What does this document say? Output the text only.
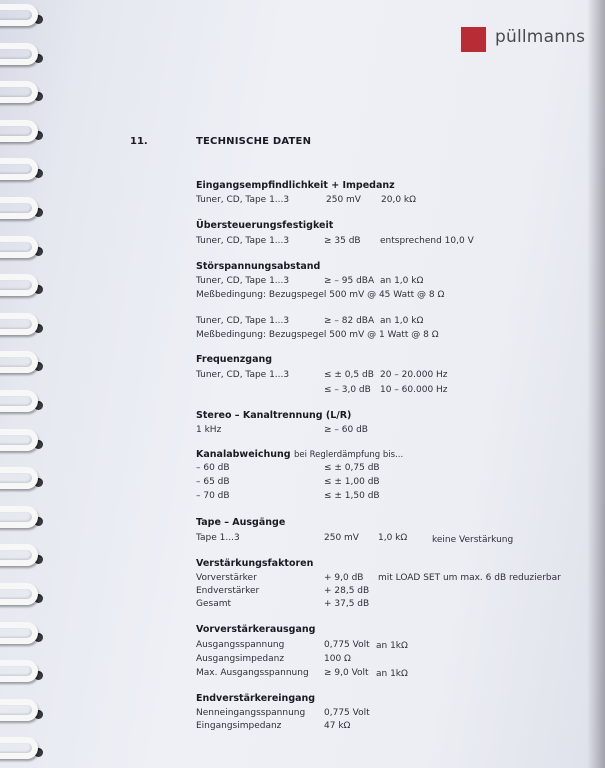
püllmanns
11.	TECHNISCHE DATEN
Eingangsempfindlichkeit + Impedanz
Tuner, CD, Tape 1...3	250 mV 20,0 kΩ
Übersteuerungsfestigkeit
Tuner, CD, Tape 1...3	≥ 35 dB entsprechend 10,0 V
Störspannungsabstand
Tuner, CD, Tape 1...3	≥ – 95 dBA an 1,0 kΩ
Meßbedingung: Bezugspegel 500 mV @ 45 Watt @ 8 Ω
Tuner, CD, Tape 1...3	≥ – 82 dBA an 1,0 kΩ
Meßbedingung: Bezugspegel 500 mV @ 1 Watt @ 8 Ω
Frequenzgang
Tuner, CD, Tape 1...3	≤ ± 0,5 dB 20 – 20.000 Hz
≤ – 3,0 dB 10 – 60.000 Hz
Stereo – Kanaltrennung (L/R)
1 kHz	≥ – 60 dB
Kanalabweichung bei Reglerdämpfung bis...
– 60 dB	≤ ± 0,75 dB
– 65 dB	≤ ± 1,00 dB
– 70 dB	≤ ± 1,50 dB
Tape – Ausgänge
Tape 1...3	250 mV 1,0 kΩ	keine Verstärkung
Verstärkungsfaktoren
Vorverstärker	+ 9,0 dB mit LOAD SET um max. 6 dB reduzierbar
Endverstärker	+ 28,5 dB
Gesamt	+ 37,5 dB
Vorverstärkerausgang
Ausgangsspannung	0,775 Volt an 1kΩ
Ausgangsimpedanz	100 Ω
Max. Ausgangsspannung ≥ 9,0 Volt an 1kΩ
Endverstärkereingang
Nenneingangsspannung 0,775 Volt
Eingangsimpedanz	47 kΩ
